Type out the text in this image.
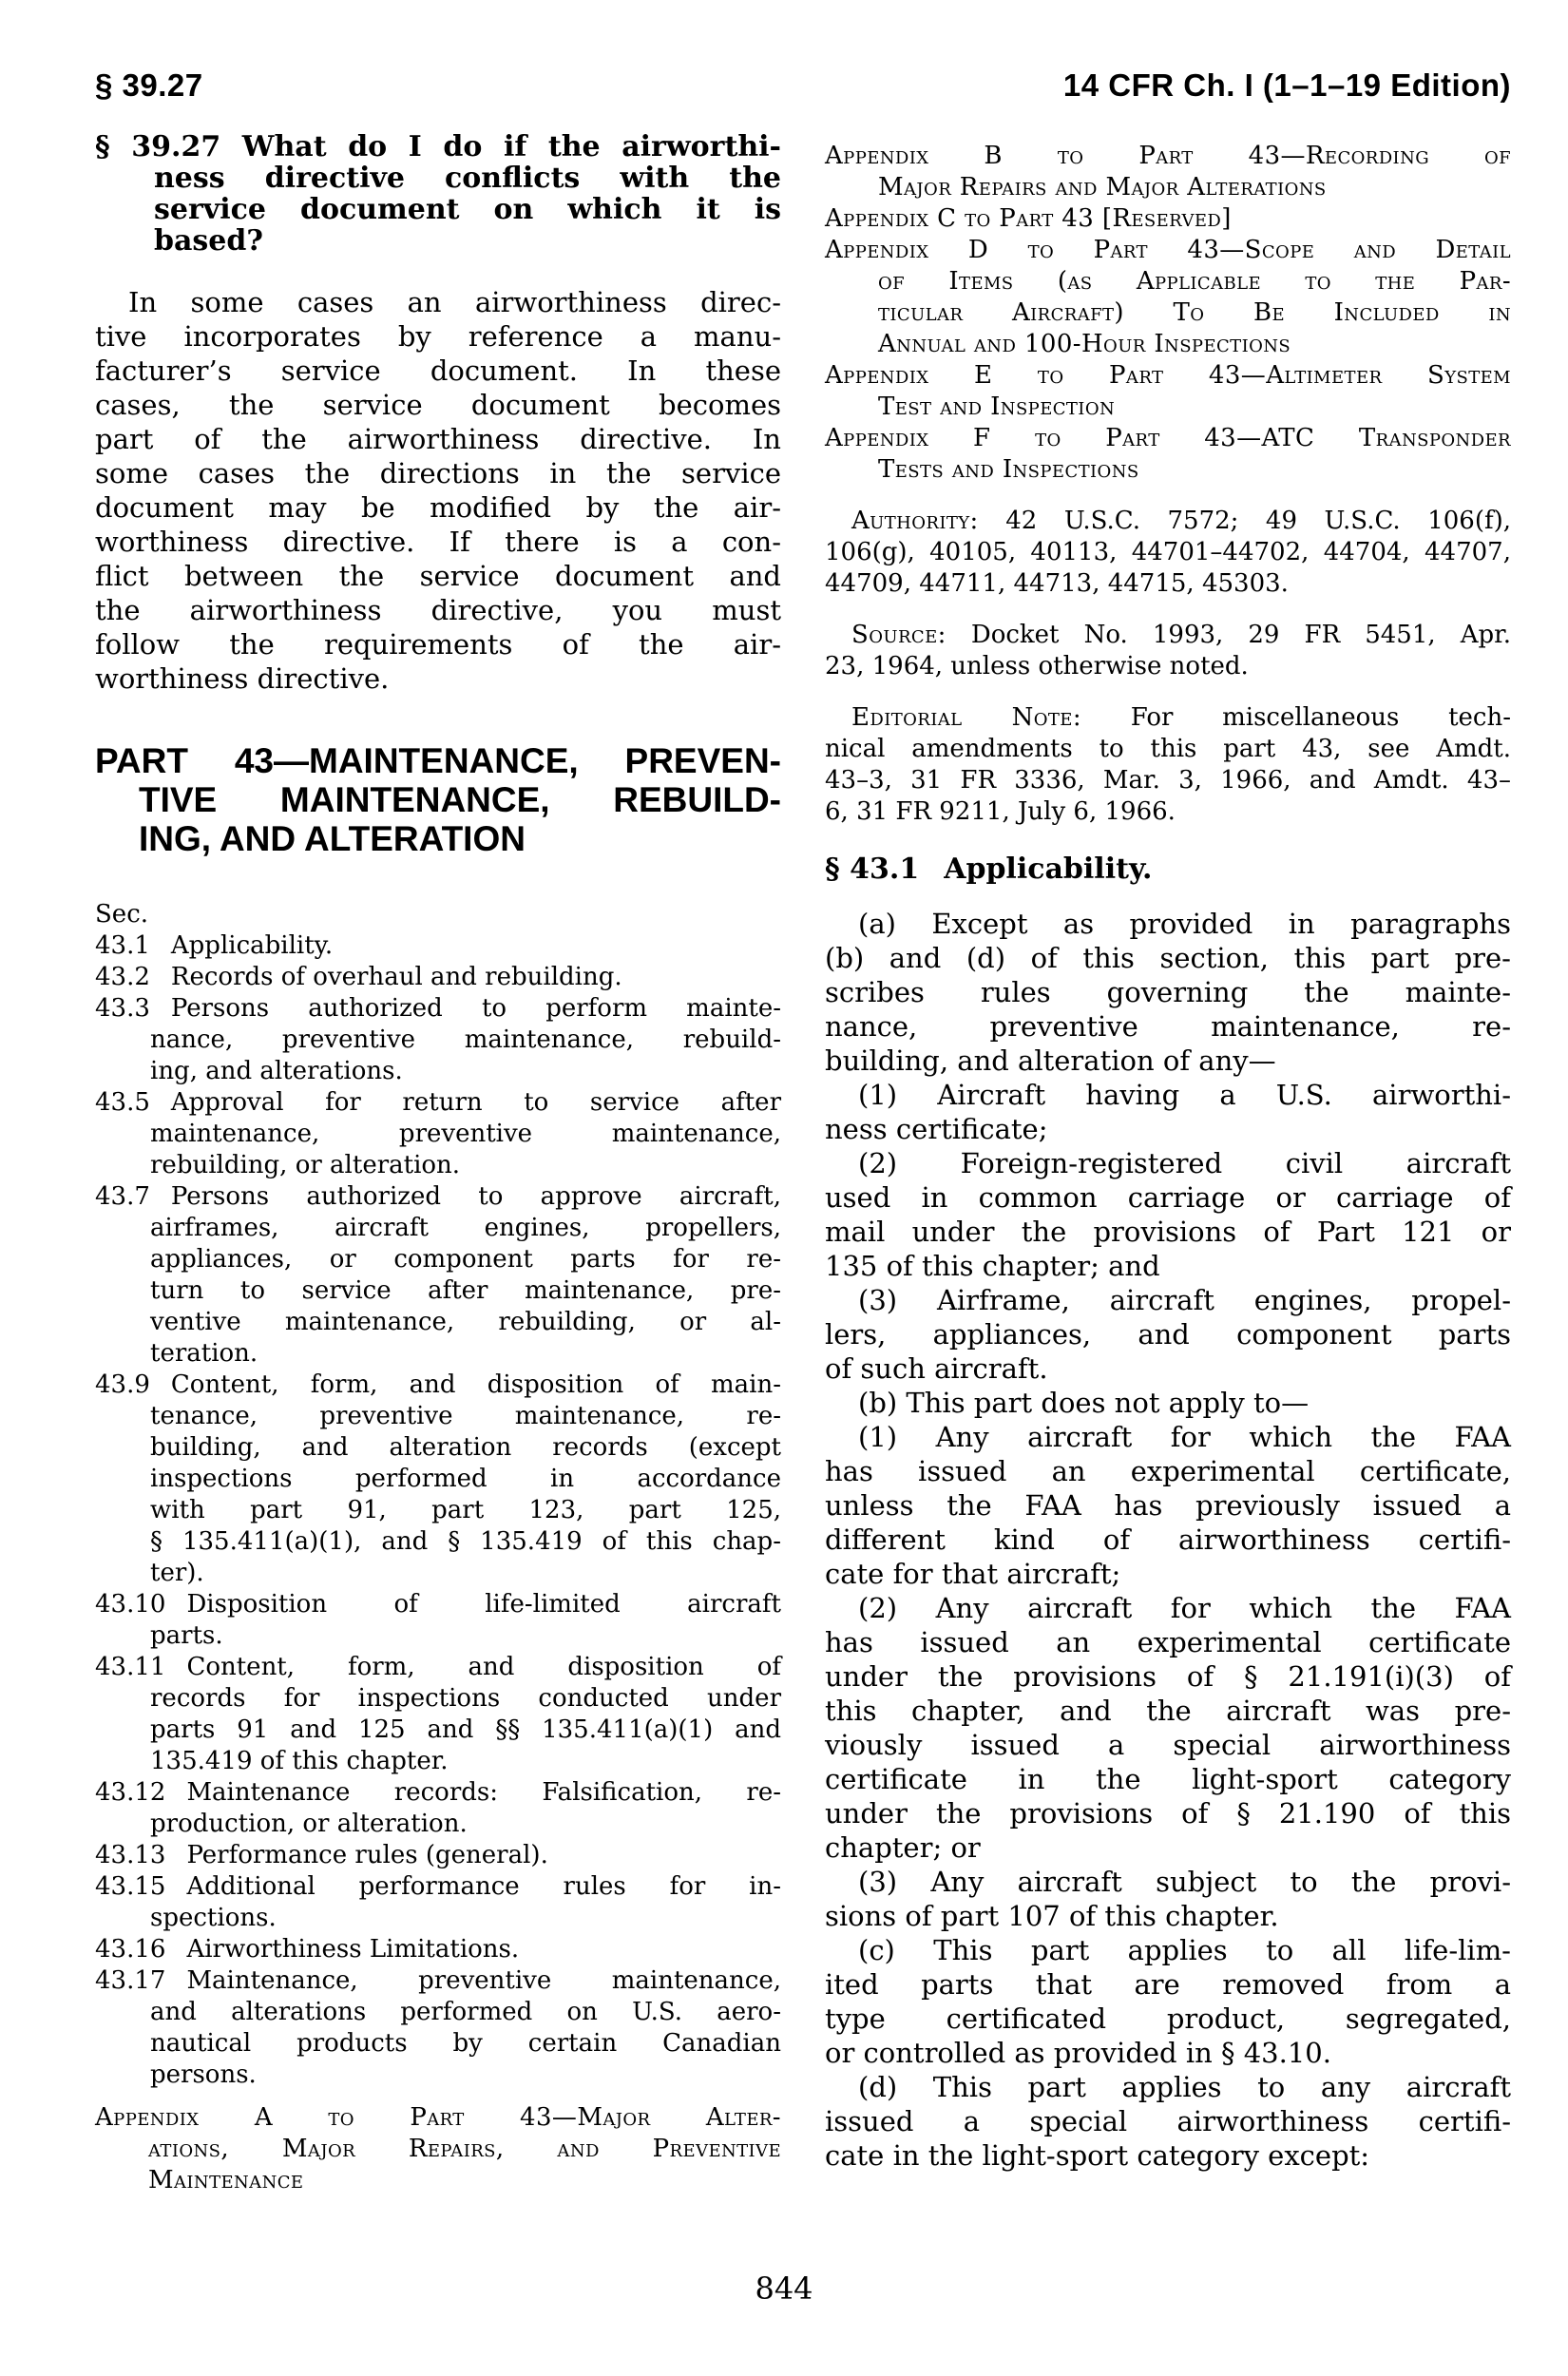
§ 39.27	14 CFR Ch. I (1–1–19 Edition)
§ 39.27 What do I do if the airworthi-
ness directive conflicts with the
service document on which it is
based?
In some cases an airworthiness direc-
tive incorporates by reference a manu-
facturer’s service document. In these
cases, the service document becomes
part of the airworthiness directive. In
some cases the directions in the service
document may be modified by the air-
worthiness directive. If there is a con-
flict between the service document and
the airworthiness directive, you must
follow the requirements of the air-
worthiness directive.
PART 43—MAINTENANCE, PREVEN-
TIVE MAINTENANCE, REBUILD-
ING, AND ALTERATION
Sec.
43.1 Applicability.
43.2 Records of overhaul and rebuilding.
43.3 Persons authorized to perform mainte-
nance, preventive maintenance, rebuild-
ing, and alterations.
43.5 Approval for return to service after
maintenance, preventive maintenance,
rebuilding, or alteration.
43.7 Persons authorized to approve aircraft,
airframes, aircraft engines, propellers,
appliances, or component parts for re-
turn to service after maintenance, pre-
ventive maintenance, rebuilding, or al-
teration.
43.9 Content, form, and disposition of main-
tenance, preventive maintenance, re-
building, and alteration records (except
inspections performed in accordance
with part 91, part 123, part 125,
§ 135.411(a)(1), and § 135.419 of this chap-
ter).
43.10 Disposition of life-limited aircraft
parts.
43.11 Content, form, and disposition of
records for inspections conducted under
parts 91 and 125 and §§ 135.411(a)(1) and
135.419 of this chapter.
43.12 Maintenance records: Falsification, re-
production, or alteration.
43.13 Performance rules (general).
43.15 Additional performance rules for in-
spections.
43.16 Airworthiness Limitations.
43.17 Maintenance, preventive maintenance,
and alterations performed on U.S. aero-
nautical products by certain Canadian
persons.
Appendix A to Part 43—Major Alter-
ations, Major Repairs, and Preventive
Maintenance
Appendix B to Part 43—Recording of
Major Repairs and Major Alterations
Appendix C to Part 43 [Reserved]
Appendix D to Part 43—Scope and Detail
of Items (as Applicable to the Par-
ticular Aircraft) To Be Included in
Annual and 100-Hour Inspections
Appendix E to Part 43—Altimeter System
Test and Inspection
Appendix F to Part 43—ATC Transponder
Tests and Inspections
Authority: 42 U.S.C. 7572; 49 U.S.C. 106(f),
106(g), 40105, 40113, 44701–44702, 44704, 44707,
44709, 44711, 44713, 44715, 45303.
Source: Docket No. 1993, 29 FR 5451, Apr.
23, 1964, unless otherwise noted.
Editorial Note: For miscellaneous tech-
nical amendments to this part 43, see Amdt.
43–3, 31 FR 3336, Mar. 3, 1966, and Amdt. 43–
6, 31 FR 9211, July 6, 1966.
§ 43.1 Applicability.
(a) Except as provided in paragraphs
(b) and (d) of this section, this part pre-
scribes rules governing the mainte-
nance, preventive maintenance, re-
building, and alteration of any—
(1) Aircraft having a U.S. airworthi-
ness certificate;
(2) Foreign-registered civil aircraft
used in common carriage or carriage of
mail under the provisions of Part 121 or
135 of this chapter; and
(3) Airframe, aircraft engines, propel-
lers, appliances, and component parts
of such aircraft.
(b) This part does not apply to—
(1) Any aircraft for which the FAA
has issued an experimental certificate,
unless the FAA has previously issued a
different kind of airworthiness certifi-
cate for that aircraft;
(2) Any aircraft for which the FAA
has issued an experimental certificate
under the provisions of § 21.191(i)(3) of
this chapter, and the aircraft was pre-
viously issued a special airworthiness
certificate in the light-sport category
under the provisions of § 21.190 of this
chapter; or
(3) Any aircraft subject to the provi-
sions of part 107 of this chapter.
(c) This part applies to all life-lim-
ited parts that are removed from a
type certificated product, segregated,
or controlled as provided in § 43.10.
(d) This part applies to any aircraft
issued a special airworthiness certifi-
cate in the light-sport category except:
844
